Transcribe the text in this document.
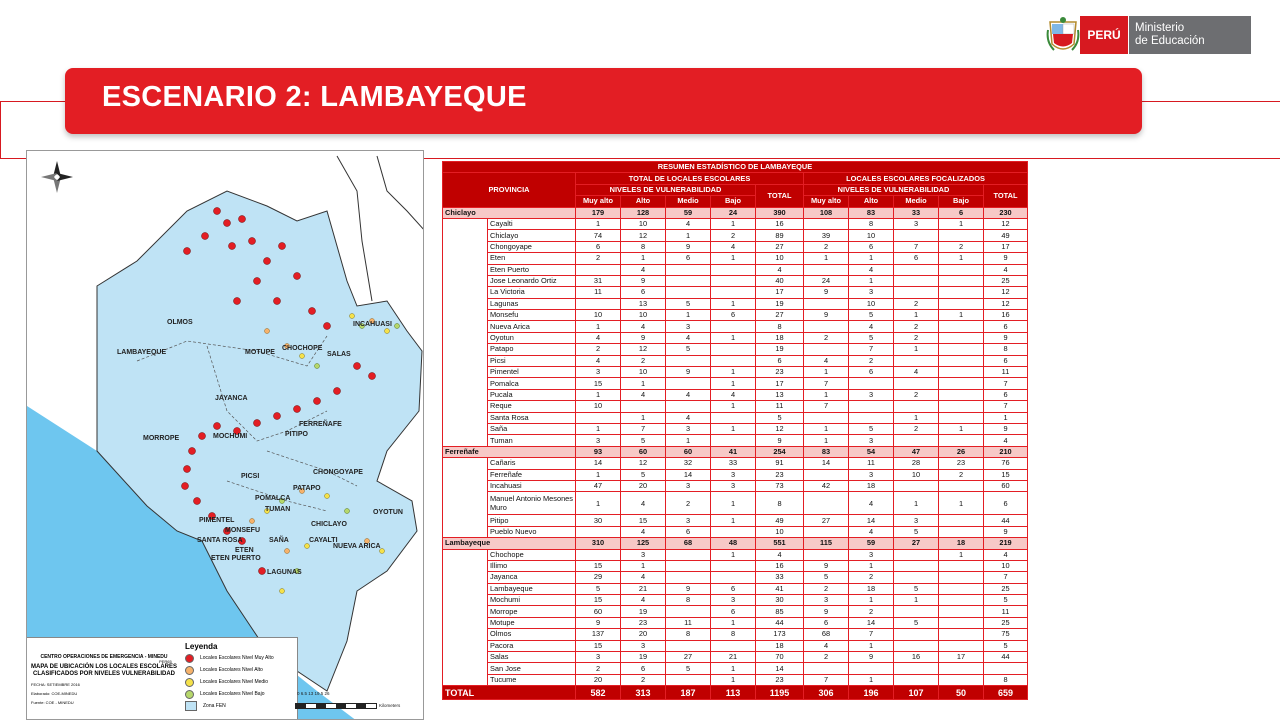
PERÚ	Ministerio
de Educación
ESCENARIO 2: LAMBAYEQUE
OLMOS
LAMBAYEQUE	MOTUPE
CHOCHOPE
SALAS
JAYANCA
MORROPE
FERREÑAFE
PITIPO
CHONGOYAPE
PATAPO
TUMAN
CHICLAYO
OYOTUN
ETEN
ETEN PUERTO
SAÑA
LAGUNAS
SANTA ROSA
MONSEFU
POMALCA
CAYALTI
NUEVA ARICA
INCAHUASI
MOCHUMI
PICSI
PIMENTEL
CENTRO OPERACIONES DE EMERGENCIA - MINEDU
MAPA DE UBICACIÓN LOS LOCALES ESCOLARES CLASIFICADOS POR NIVELES VULNERABILIDAD
FECHA: SETIEMBRE 2016
Elaborado: COE-MINEDU
Fuente: COE - MINEDU
PER65
Leyenda
Locales Escolares Nivel Muy Alto
Locales Escolares Nivel Alto
Locales Escolares Nivel Medio
Locales Escolares Nivel Bajo
Zona FEN
0 6.5 13 19.5 26
Kilometers
RESUMEN ESTADÍSTICO DE LAMBAYEQUE											
PROVINCIA		TOTAL DE LOCALES ESCOLARES					LOCALES ESCOLARES FOCALIZADOS				
		NIVELES DE VULNERABILIDAD				TOTAL	NIVELES DE VULNERABILIDAD				TOTAL
		Muy alto	Alto	Medio	Bajo		Muy alto	Alto	Medio	Bajo	
Chiclayo		179	128	59	24	390	108	83	33	6	230
	Cayalti	1	10	4	1	16		8	3	1	12
	Chiclayo	74	12	1	2	89	39	10			49
	Chongoyape	6	8	9	4	27	2	6	7	2	17
	Eten	2	1	6	1	10	1	1	6	1	9
	Eten Puerto		4			4		4			4
	Jose Leonardo Ortiz	31	9			40	24	1			25
	La Victoria	11	6			17	9	3			12
	Lagunas		13	5	1	19		10	2		12
	Monsefu	10	10	1	6	27	9	5	1	1	16
	Nueva Arica	1	4	3		8		4	2		6
	Oyotun	4	9	4	1	18	2	5	2		9
	Patapo	2	12	5		19		7	1		8
	Picsi	4	2			6	4	2			6
	Pimentel	3	10	9	1	23	1	6	4		11
	Pomalca	15	1		1	17	7				7
	Pucala	1	4	4	4	13	1	3	2		6
	Reque	10			1	11	7				7
	Santa Rosa		1	4		5			1		1
	Saña	1	7	3	1	12	1	5	2	1	9
	Tuman	3	5	1		9	1	3			4
Ferreñafe		93	60	60	41	254	83	54	47	26	210
	Cañaris	14	12	32	33	91	14	11	28	23	76
	Ferreñafe	1	5	14	3	23		3	10	2	15
	Incahuasi	47	20	3	3	73	42	18			60
	Manuel Antonio Mesones Muro	1	4	2	1	8		4	1	1	6
	Pitipo	30	15	3	1	49	27	14	3		44
	Pueblo Nuevo		4	6		10		4	5		9
Lambayeque		310	125	68	48	551	115	59	27	18	219
	Chochope		3		1	4		3		1	4
	Illimo	15	1			16	9	1			10
	Jayanca	29	4			33	5	2			7
	Lambayeque	5	21	9	6	41	2	18	5		25
	Mochumi	15	4	8	3	30	3	1	1		5
	Morrope	60	19		6	85	9	2			11
	Motupe	9	23	11	1	44	6	14	5		25
	Olmos	137	20	8	8	173	68	7			75
	Pacora	15	3			18	4	1			5
	Salas	3	19	27	21	70	2	9	16	17	44
	San Jose	2	6	5	1	14					
	Tucume	20	2		1	23	7	1			8
TOTAL		582	313	187	113	1195	306	196	107	50	659
